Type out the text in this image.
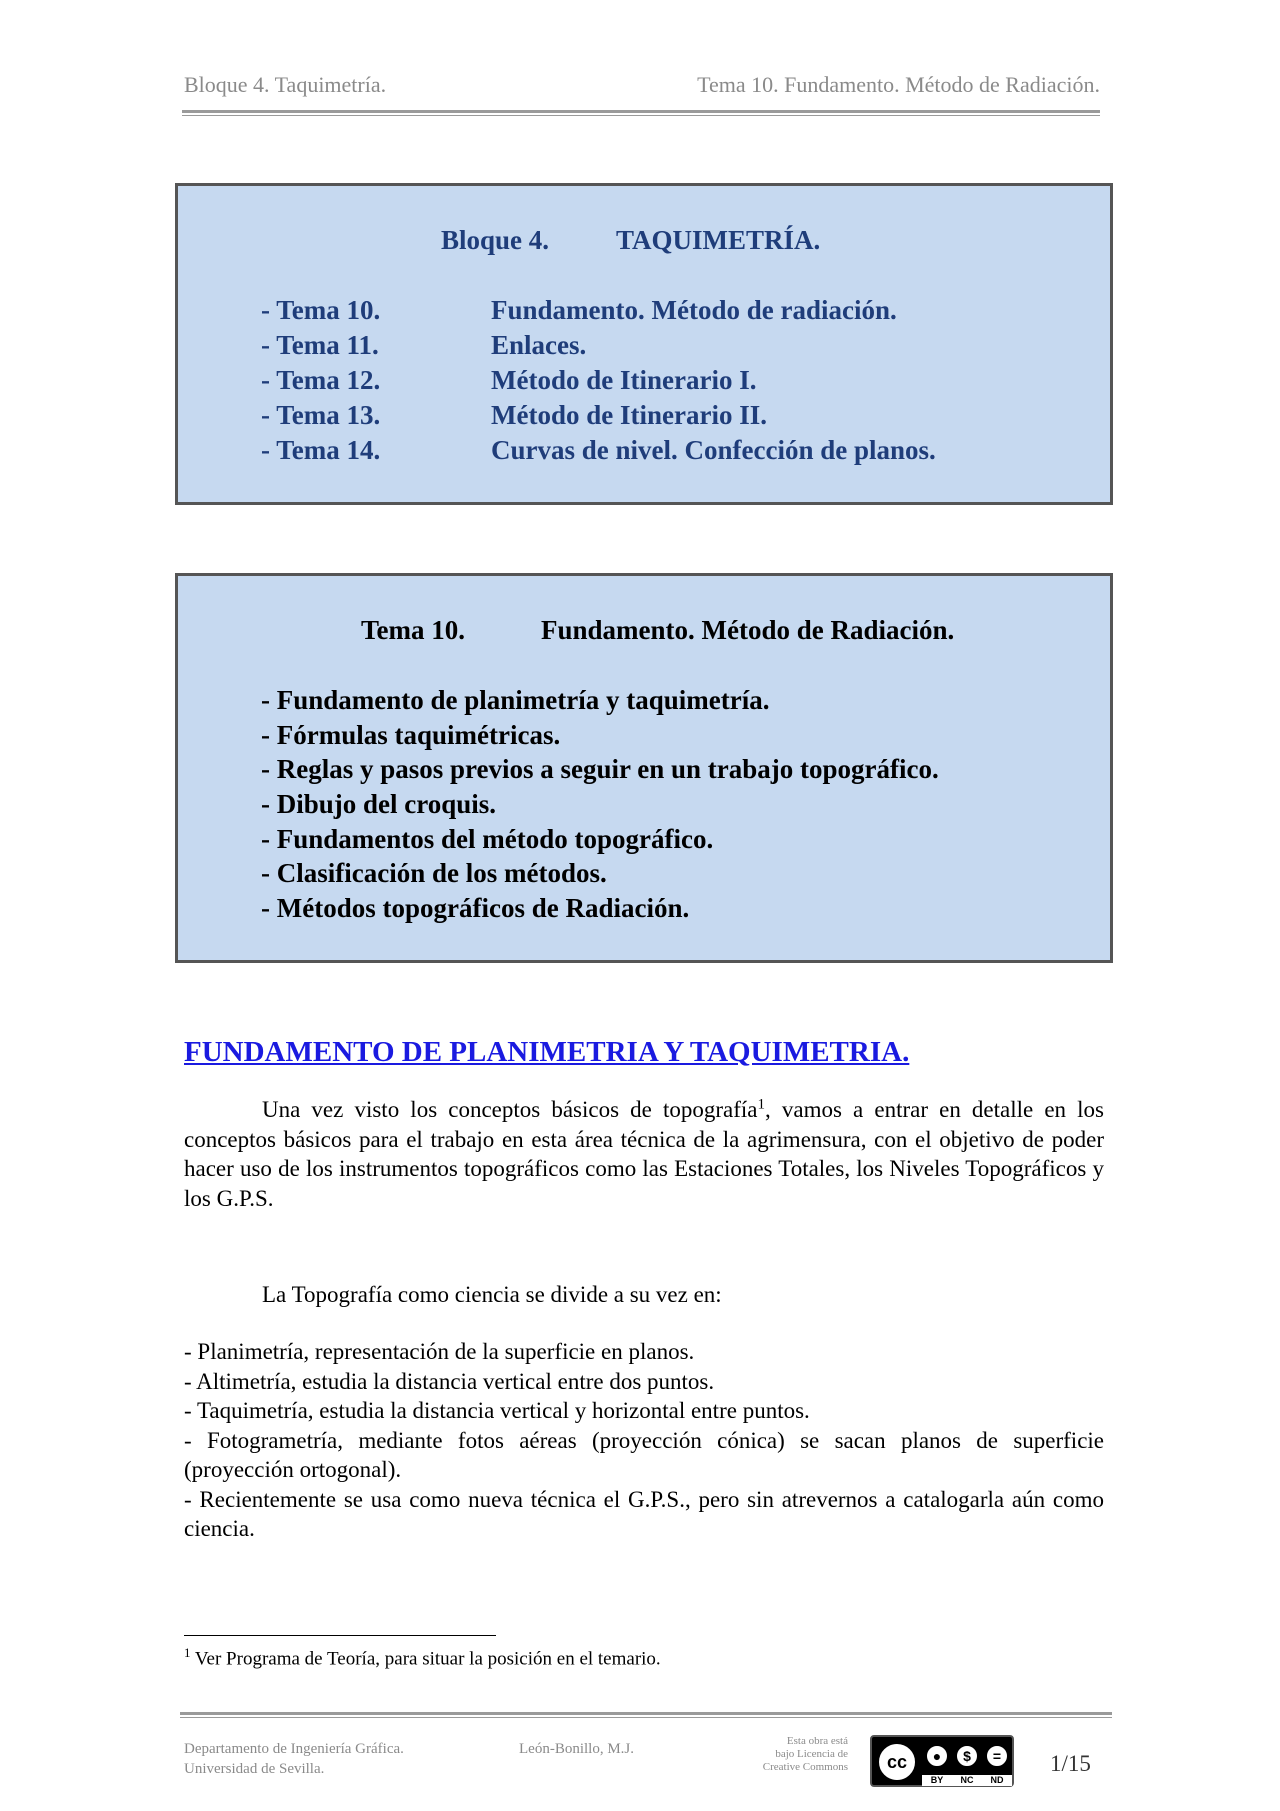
Bloque 4. Taquimetría.	Tema 10. Fundamento. Método de Radiación.
Bloque 4. TAQUIMETRÍA.
- Tema 10.	Fundamento. Método de radiación.
- Tema 11.	Enlaces.
- Tema 12.	Método de Itinerario I.
- Tema 13.	Método de Itinerario II.
- Tema 14.	Curvas de nivel. Confección de planos.
Tema 10.	Fundamento. Método de Radiación.
- Fundamento de planimetría y taquimetría.
- Fórmulas taquimétricas.
- Reglas y pasos previos a seguir en un trabajo topográfico.
- Dibujo del croquis.
- Fundamentos del método topográfico.
- Clasificación de los métodos.
- Métodos topográficos de Radiación.
FUNDAMENTO DE PLANIMETRIA Y TAQUIMETRIA.
Una vez visto los conceptos básicos de topografía$^1$, vamos a entrar en detalle en los conceptos básicos para el trabajo en esta área técnica de la agrimensura, con el objetivo de poder hacer uso de los instrumentos topográficos como las Estaciones Totales, los Niveles Topográficos y los G.P.S.
La Topografía como ciencia se divide a su vez en:
- Planimetría, representación de la superficie en planos.
- Altimetría, estudia la distancia vertical entre dos puntos.
- Taquimetría, estudia la distancia vertical y horizontal entre puntos.
- Fotogrametría, mediante fotos aéreas (proyección cónica) se sacan planos de superficie (proyección ortogonal).
- Recientemente se usa como nueva técnica el G.P.S., pero sin atrevernos a catalogarla aún como ciencia.
$^1$ Ver Programa de Teoría, para situar la posición en el temario.
Departamento de Ingeniería Gráfica.
Universidad de Sevilla.
León-Bonillo, M.J.	Esta obra está
bajo Licencia de
Creative Commons	cc	●	$	=
BY	NC	ND
1/15
